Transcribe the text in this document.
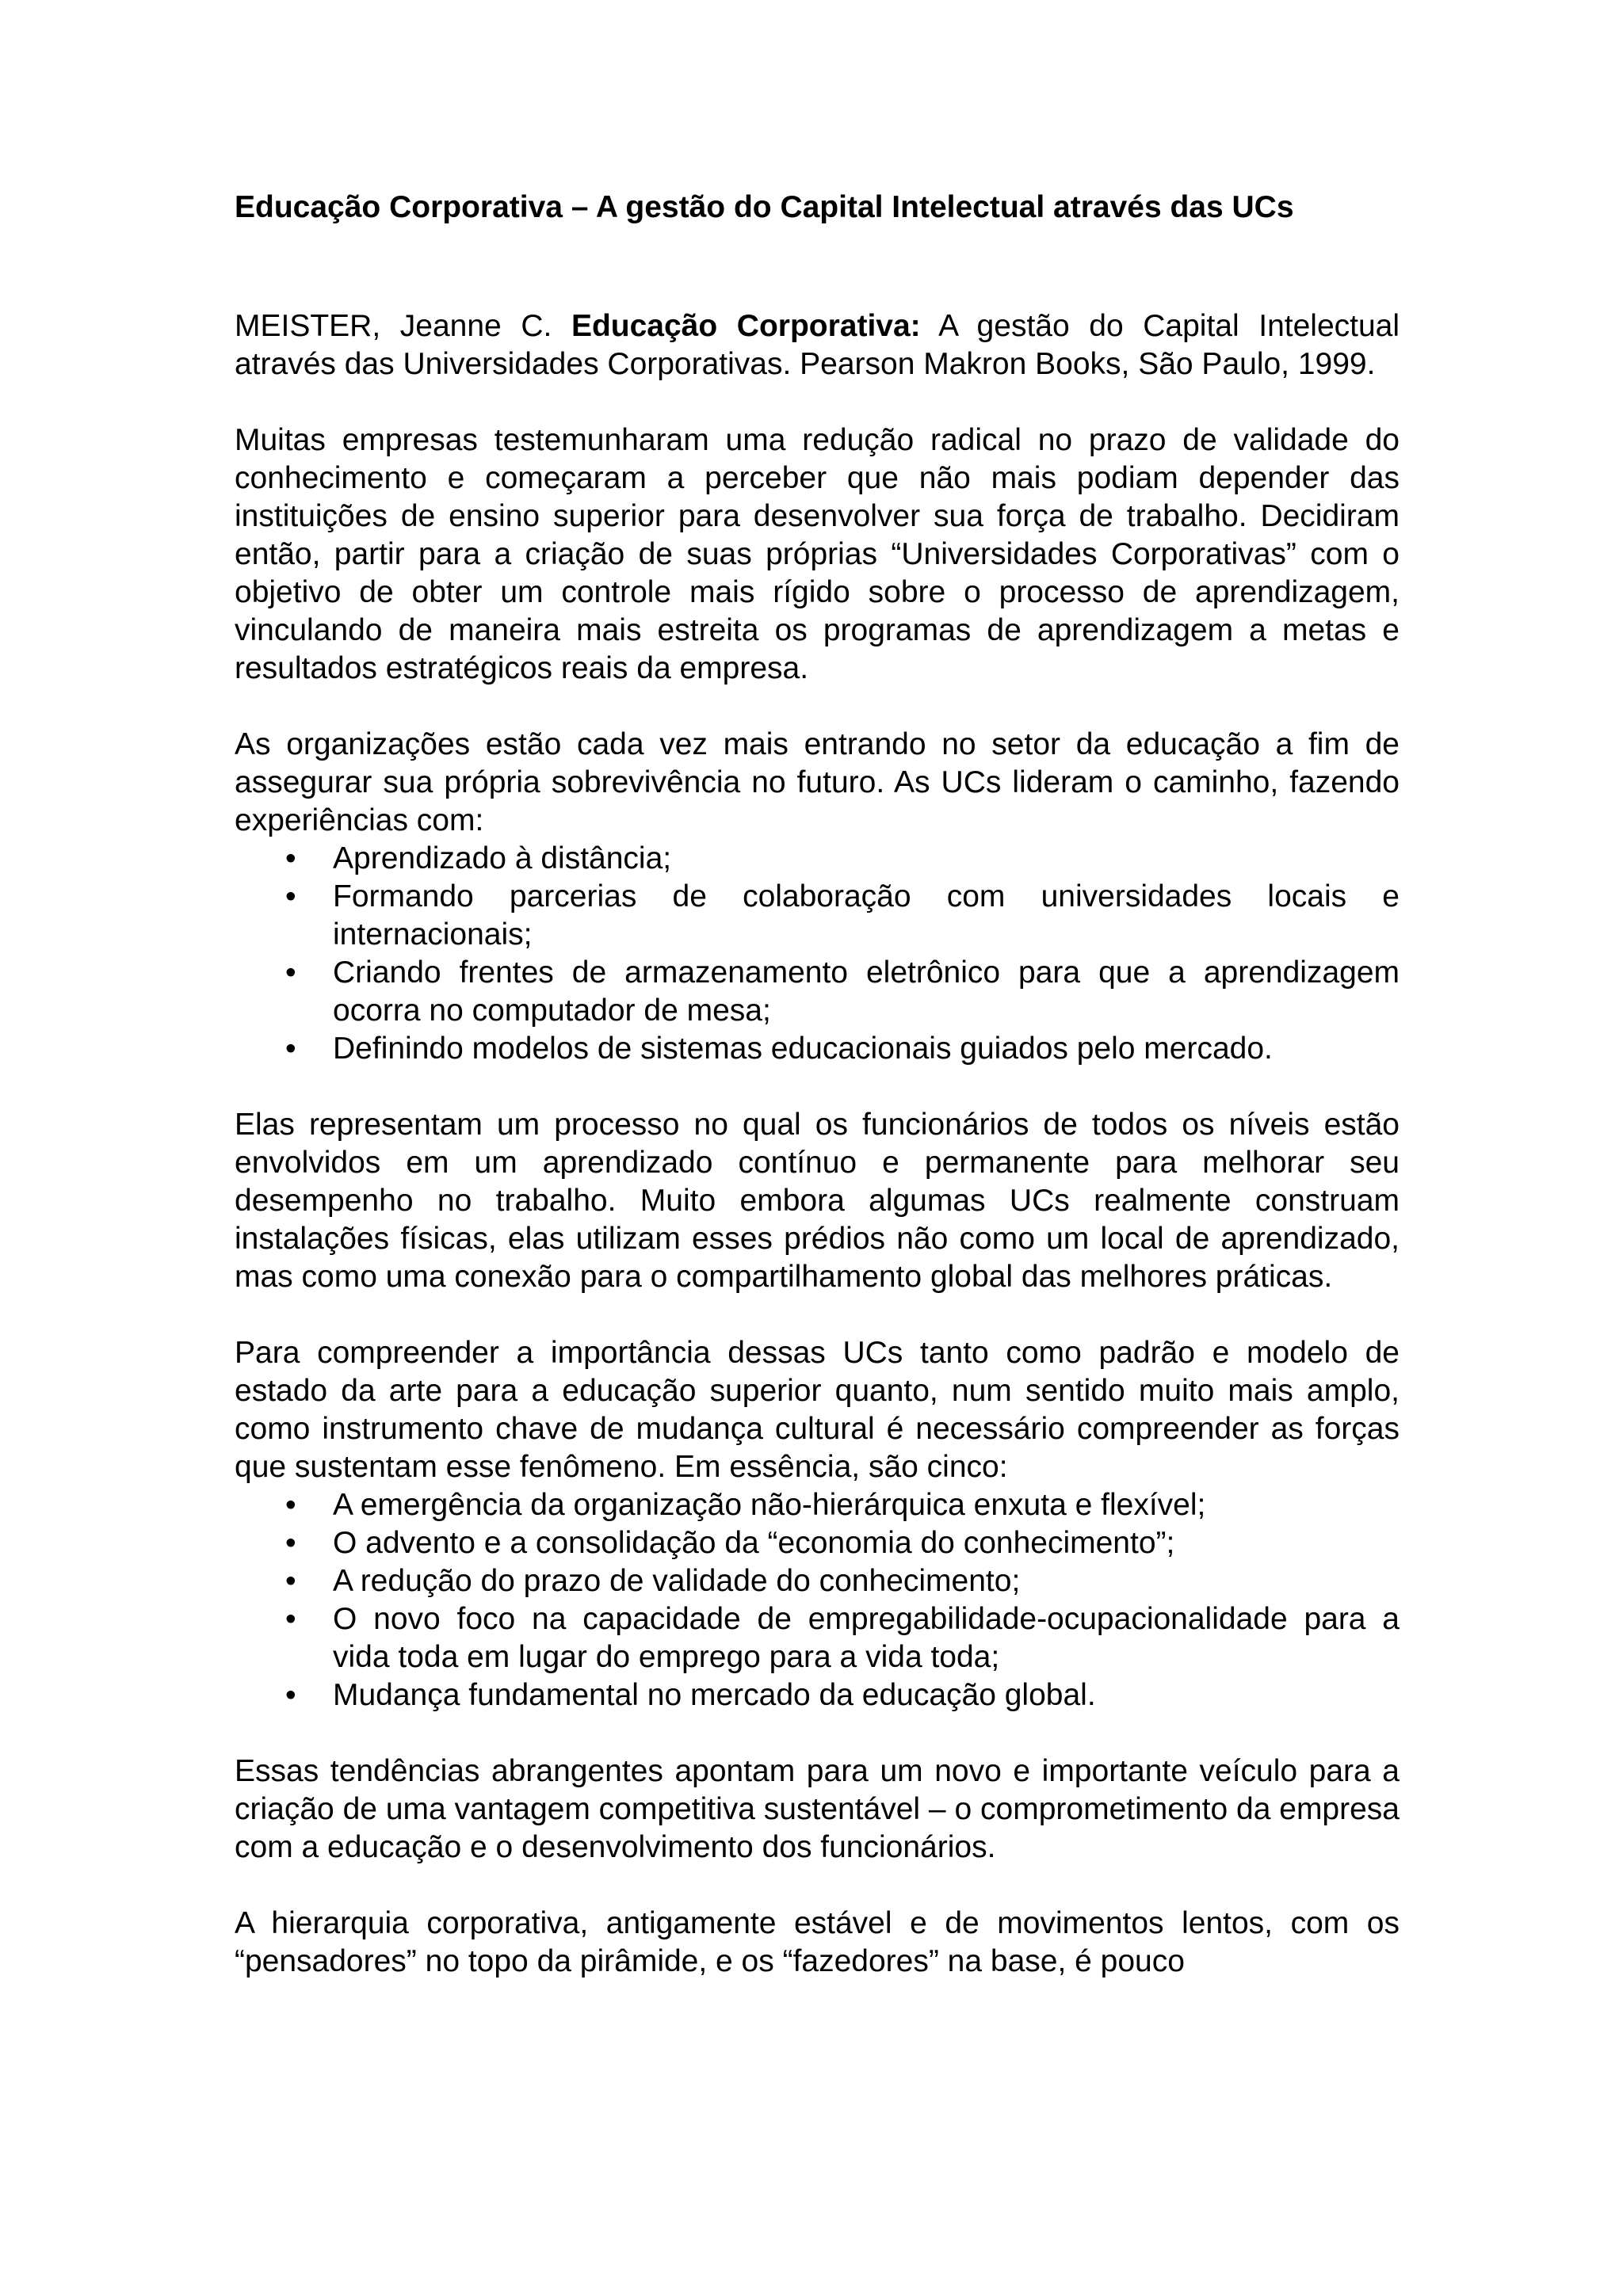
Educação Corporativa – A gestão do Capital Intelectual através das UCs
MEISTER, Jeanne C. Educação Corporativa: A gestão do Capital Intelectual através das Universidades Corporativas. Pearson Makron Books, São Paulo, 1999.
Muitas empresas testemunharam uma redução radical no prazo de validade do conhecimento e começaram a perceber que não mais podiam depender das instituições de ensino superior para desenvolver sua força de trabalho. Decidiram então, partir para a criação de suas próprias “Universidades Corporativas” com o objetivo de obter um controle mais rígido sobre o processo de aprendizagem, vinculando de maneira mais estreita os programas de aprendizagem a metas e resultados estratégicos reais da empresa.
As organizações estão cada vez mais entrando no setor da educação a fim de assegurar sua própria sobrevivência no futuro. As UCs lideram o caminho, fazendo experiências com:
• Aprendizado à distância;
• Formando parcerias de colaboração com universidades locais e internacionais;
• Criando frentes de armazenamento eletrônico para que a aprendizagem ocorra no computador de mesa;
• Definindo modelos de sistemas educacionais guiados pelo mercado.
Elas representam um processo no qual os funcionários de todos os níveis estão envolvidos em um aprendizado contínuo e permanente para melhorar seu desempenho no trabalho. Muito embora algumas UCs realmente construam instalações físicas, elas utilizam esses prédios não como um local de aprendizado, mas como uma conexão para o compartilhamento global das melhores práticas.
Para compreender a importância dessas UCs tanto como padrão e modelo de estado da arte para a educação superior quanto, num sentido muito mais amplo, como instrumento chave de mudança cultural é necessário compreender as forças que sustentam esse fenômeno. Em essência, são cinco:
• A emergência da organização não-hierárquica enxuta e flexível;
• O advento e a consolidação da “economia do conhecimento”;
• A redução do prazo de validade do conhecimento;
• O novo foco na capacidade de empregabilidade-ocupacionalidade para a vida toda em lugar do emprego para a vida toda;
• Mudança fundamental no mercado da educação global.
Essas tendências abrangentes apontam para um novo e importante veículo para a criação de uma vantagem competitiva sustentável – o comprometimento da empresa com a educação e o desenvolvimento dos funcionários.
A hierarquia corporativa, antigamente estável e de movimentos lentos, com os “pensadores” no topo da pirâmide, e os “fazedores” na base, é pouco
